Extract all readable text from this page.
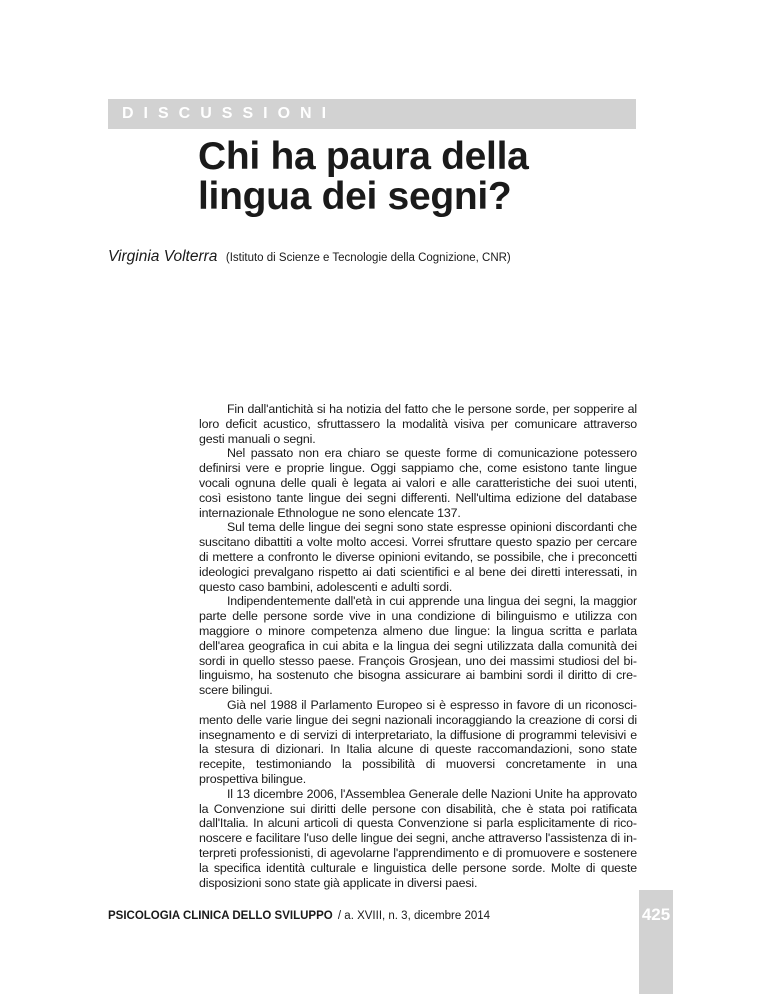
DISCUSSIONI
Chi ha paura della
lingua dei segni?
Virginia Volterra (Istituto di Scienze e Tecnologie della Cognizione, CNR)

Fin dall'antichità si ha notizia del fatto che le persone sorde, per sopperire al loro deficit acustico, sfruttassero la modalità visiva per comunicare attraverso gesti manuali o segni.

Nel passato non era chiaro se queste forme di comunicazione potessero definirsi vere e proprie lingue. Oggi sappiamo che, come esistono tante lingue vocali ognuna delle quali è legata ai valori e alle caratteristiche dei suoi utenti, così esistono tante lingue dei segni differenti. Nell'ultima edizione del database internazionale Ethnologue ne sono elencate 137.

Sul tema delle lingue dei segni sono state espresse opinioni discordanti che suscitano dibattiti a volte molto accesi. Vorrei sfruttare questo spazio per cercare di mettere a confronto le diverse opinioni evitando, se possibile, che i preconcetti ideologici prevalgano rispetto ai dati scientifici e al bene dei diretti interessati, in questo caso bambini, adolescenti e adulti sordi.

Indipendentemente dall'età in cui apprende una lingua dei segni, la maggior parte delle persone sorde vive in una condizione di bilinguismo e utilizza con maggiore o minore competenza almeno due lingue: la lingua scritta e parlata dell'area geografica in cui abita e la lingua dei segni utilizzata dalla comunità dei sordi in quello stesso paese. François Grosjean, uno dei massimi studiosi del bilinguismo, ha sostenuto che bisogna assicurare ai bambini sordi il diritto di crescere bilingui.

Già nel 1988 il Parlamento Europeo si è espresso in favore di un riconoscimento delle varie lingue dei segni nazionali incoraggiando la creazione di corsi di insegnamento e di servizi di interpretariato, la diffusione di programmi televisivi e la stesura di dizionari. In Italia alcune di queste raccomandazioni, sono state recepite, testimoniando la possibilità di muoversi concretamente in una prospettiva bilingue.

Il 13 dicembre 2006, l'Assemblea Generale delle Nazioni Unite ha approvato la Convenzione sui diritti delle persone con disabilità, che è stata poi ratificata dall'Italia. In alcuni articoli di questa Convenzione si parla esplicitamente di riconoscere e facilitare l'uso delle lingue dei segni, anche attraverso l'assistenza di interpreti professionisti, di agevolarne l'apprendimento e di promuovere e sostenere la specifica identità culturale e linguistica delle persone sorde. Molte di queste disposizioni sono state già applicate in diversi paesi.

PSICOLOGIA CLINICA DELLO SVILUPPO / a. XVIII, n. 3, dicembre 2014	425
